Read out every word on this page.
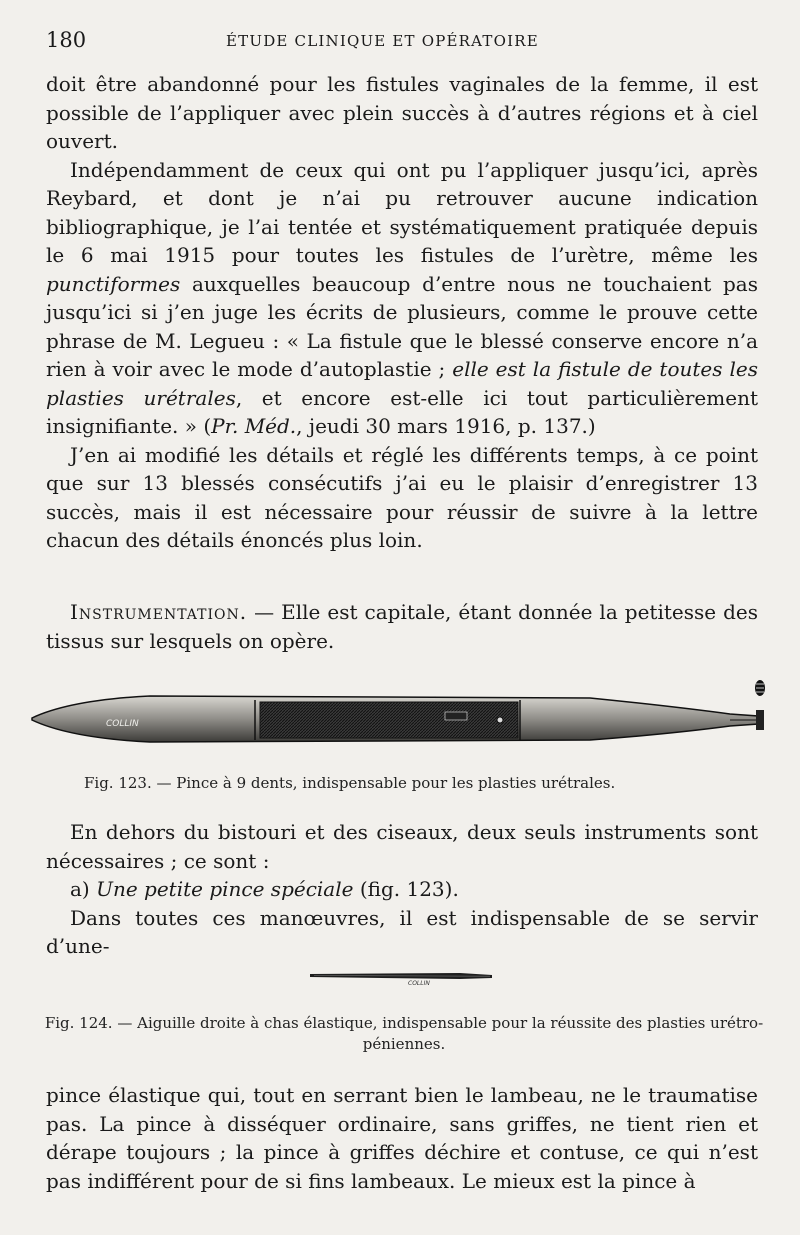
180	ÉTUDE CLINIQUE ET OPÉRATOIRE

doit être abandonné pour les fistules vaginales de la femme, il est possible de l’appliquer avec plein succès à d’autres régions et à ciel ouvert.

Indépendamment de ceux qui ont pu l’appliquer jusqu’ici, après Reybard, et dont je n’ai pu retrouver aucune indication bibliographique, je l’ai tentée et systématiquement pratiquée depuis le 6 mai 1915 pour toutes les fistules de l’urètre, même les punctiformes auxquelles beaucoup d’entre nous ne touchaient pas jusqu’ici si j’en juge les écrits de plusieurs, comme le prouve cette phrase de M. Legueu : « La fistule que le blessé conserve encore n’a rien à voir avec le mode d’autoplastie ; elle est la fistule de toutes les plasties urétrales, et encore est-elle ici tout particulièrement insignifiante. » (Pr. Méd., jeudi 30 mars 1916, p. 137.)

J’en ai modifié les détails et réglé les différents temps, à ce point que sur 13 blessés consécutifs j’ai eu le plaisir d’enregistrer 13 succès, mais il est nécessaire pour réussir de suivre à la lettre chacun des détails énoncés plus loin.

Instrumentation. — Elle est capitale, étant donnée la petitesse des tissus sur lesquels on opère.

COLLIN
Fig. 123. — Pince à 9 dents, indispensable pour les plasties urétrales.

En dehors du bistouri et des ciseaux, deux seuls instruments sont nécessaires ; ce sont :

a) Une petite pince spéciale (fig. 123).

Dans toutes ces manœuvres, il est indispensable de se servir d’une-

COLLIN
Fig. 124. — Aiguille droite à chas élastique, indispensable pour la réussite des plasties urétro-péniennes.

pince élastique qui, tout en serrant bien le lambeau, ne le traumatise pas. La pince à disséquer ordinaire, sans griffes, ne tient rien et dérape toujours ; la pince à griffes déchire et contuse, ce qui n’est pas indifférent pour de si fins lambeaux. Le mieux est la pince à
